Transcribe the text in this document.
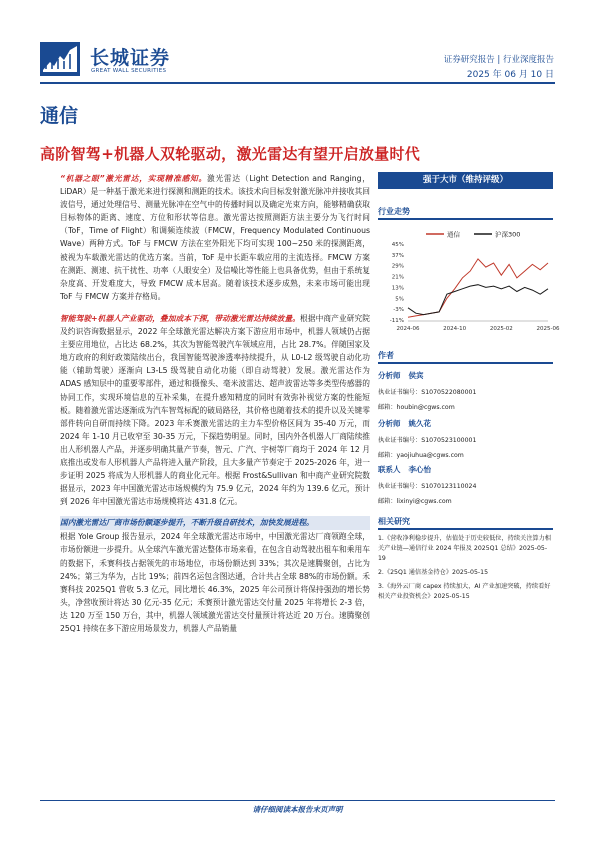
长城证券
GREAT WALL SECURITIES
证券研究报告 | 行业深度报告
2025 年 06 月 10 日
通信
高阶智驾+机器人双轮驱动，激光雷达有望开启放量时代

“机器之眼”激光雷达，实现精准感知。激光雷达（Light Detection and Ranging，LiDAR）是一种基于激光来进行探测和测距的技术。该技术向目标发射激光脉冲并接收其回波信号，通过处理信号、测量光脉冲在空气中的传播时间以及确定光束方向，能够精确获取目标物体的距离、速度、方位和形状等信息。激光雷达按照测距方法主要分为飞行时间（ToF，Time of Flight）和调频连续波（FMCW，Frequency Modulated Continuous Wave）两种方式。ToF 与 FMCW 方法在室外阳光下均可实现 100~250 米的探测距离，被视为车载激光雷达的优选方案。当前，ToF 是中长距车载应用的主流选择。FMCW 方案在测距、测速、抗干扰性、功率（人眼安全）及信噪比等性能上也具备优势，但由于系统复杂度高、开发难度大，导致 FMCW 成本居高。随着该技术逐步成熟，未来市场可能出现 ToF 与 FMCW 方案并存格局。

智能驾驶+机器人产业驱动，叠加成本下探，带动激光雷达持续放量。根据中商产业研究院及约识咨询数据显示，2022 年全球激光雷达解决方案下游应用市场中，机器人领域仍占据主要应用地位，占比达 68.2%，其次为智能驾驶汽车领域应用，占比 28.7%。伴随国家及地方政府的利好政策陆续出台，我国智能驾驶渗透率持续提升，从 L0-L2 级驾驶自动化功能（辅助驾驶）逐渐向 L3-L5 级驾驶自动化功能（即自动驾驶）发展。激光雷达作为 ADAS 感知层中的重要零部件，通过和摄像头、毫米波雷达、超声波雷达等多类型传感器的协同工作，实现环境信息的互补采集，在提升感知精度的同时有效弥补视觉方案的性能短板。随着激光雷达逐渐成为汽车智驾标配的破局路径，其价格也随着技术的提升以及关键零部件转向自研而持续下降。2023 年禾赛激光雷达的主力车型价格区间为 35-40 万元，而 2024 年 1-10 月已收窄至 30-35 万元，下探趋势明显。同时，国内外各机器人厂商陆续推出人形机器人产品，并逐步明确其量产节奏，智元、广汽、宇树等厂商均于 2024 年 12 月底推出或发布人形机器人产品将进入量产阶段，且大多量产节奏定于 2025-2026 年，进一步证明 2025 将成为人形机器人的商业化元年。根据 Frost&Sullivan 和中商产业研究院数据显示，2023 年中国激光雷达市场规模约为 75.9 亿元，2024 年约为 139.6 亿元，预计到 2026 年中国激光雷达市场规模将达 431.8 亿元。

国内激光雷达厂商市场份额逐步提升，不断升级自研技术，加快发展进程。

根据 Yole Group 报告显示，2024 年全球激光雷达市场中，中国激光雷达厂商领跑全球，市场份额进一步提升。从全球汽车激光雷达整体市场来看，在包含自动驾驶出租车和乘用车的数据下，禾赛科技占据领先的市场地位，市场份额达到 33%；其次是速腾聚创，占比为 24%；第三为华为，占比 19%；前四名运包含图达通，合计共占全球 88%的市场份额。禾赛科技 2025Q1 营收 5.3 亿元，同比增长 46.3%，2025 年公司预计将保持强劲的增长势头，净营收预计将达 30 亿元-35 亿元；禾赛预计激光雷达交付量 2025 年将增长 2-3 倍，达 120 万至 150 万台，其中，机器人领域激光雷达交付量预计将达近 20 万台。速腾聚创 25Q1 持续在多下游应用场景发力，机器人产品销量

强于大市（维持评级）
行业走势
通信	沪深300
45%
37%
29%
21%
13%
5%
-3%
-11%
2024-06	2024-10	2025-02	2025-06
作者
分析师 侯宾
执业证书编号：S1070522080001
邮箱：houbin@cgws.com
分析师 姚久花
执业证书编号：S1070523100001
邮箱：yaojiuhua@cgws.com
联系人 李心怡
执业证书编号：S1070123110024
邮箱：lixinyi@cgws.com
相关研究
1.《营收净利稳步提升，估值处于历史较低位，持续关注算力相关产业链—通信行业 2024 年报及 2025Q1 总结》2025-05-19
2.《25Q1 通信基金持仓》2025-05-15
3.《海外云厂商 capex 持续加大，AI 产业加速突破，持续看好相关产业投资机会》2025-05-15
请仔细阅读本报告末页声明
